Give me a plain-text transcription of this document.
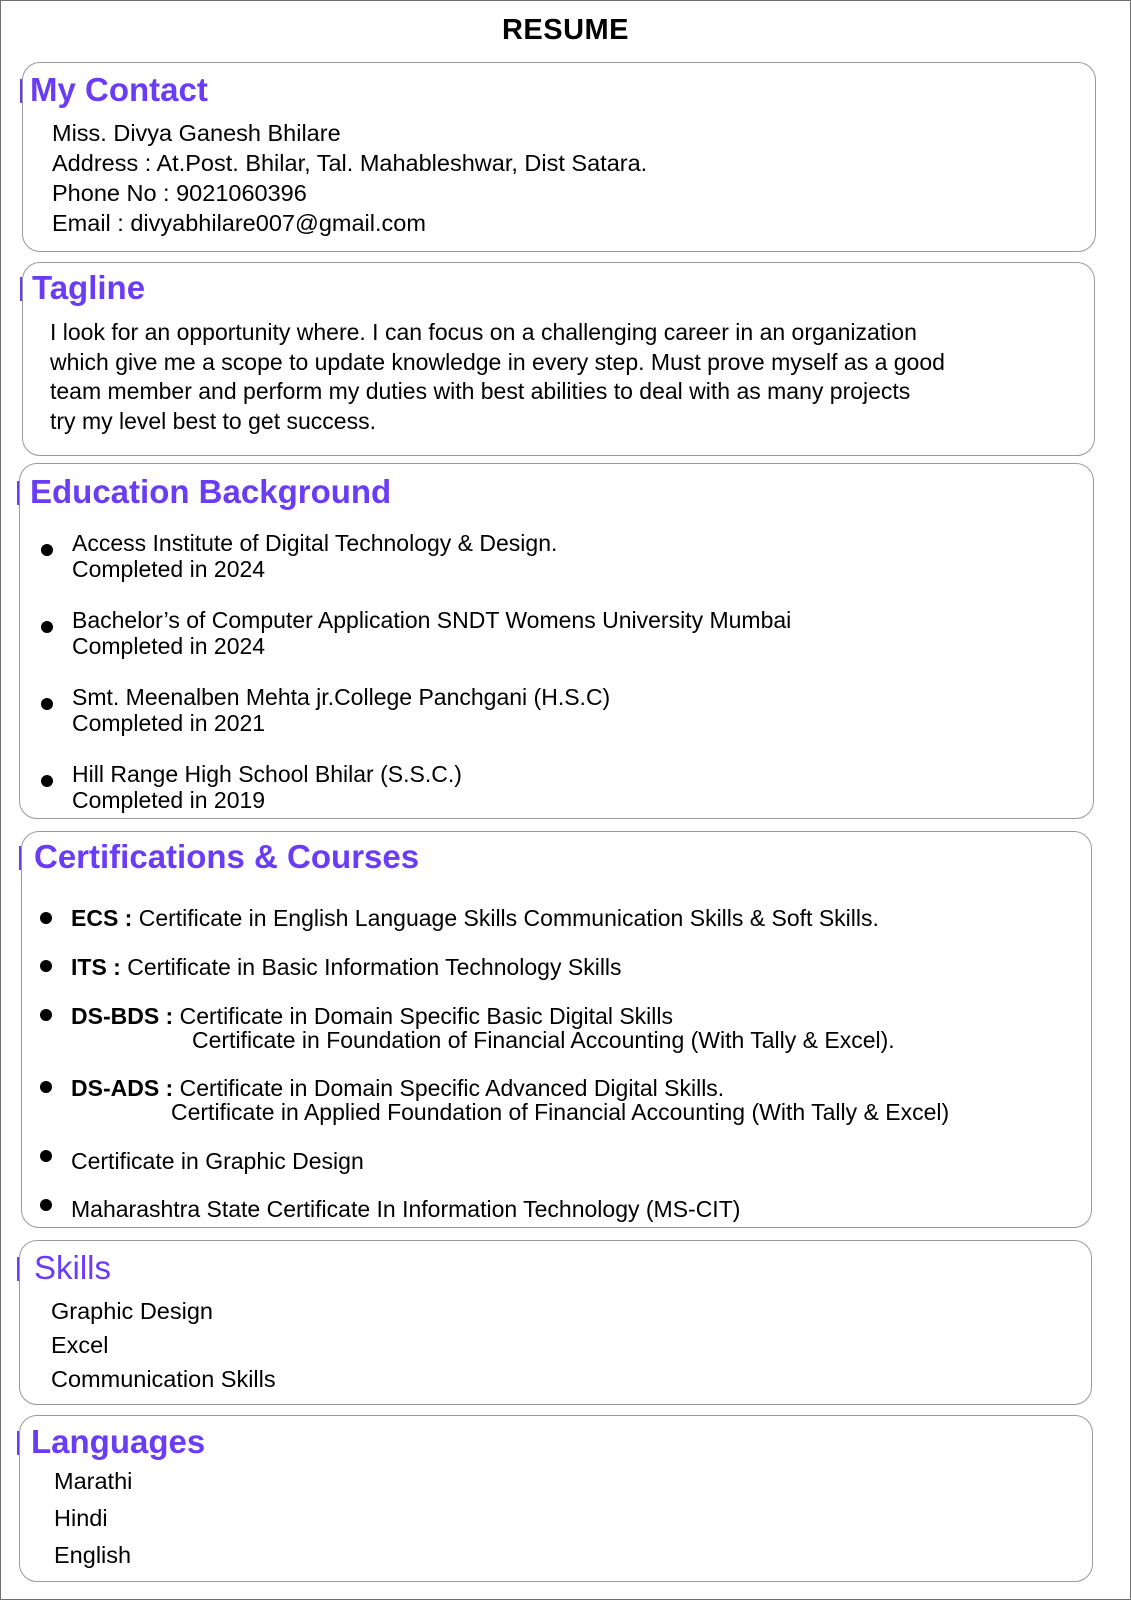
RESUME
My Contact
Miss. Divya Ganesh Bhilare
Address : At.Post. Bhilar, Tal. Mahableshwar, Dist Satara.
Phone No : 9021060396
Email : divyabhilare007@gmail.com
Tagline
I look for an opportunity where. I can focus on a challenging career in an organization
which give me a scope to update knowledge in every step. Must prove myself as a good
team member and perform my duties with best abilities to deal with as many projects
try my level best to get success.
Education Background
Access Institute of Digital Technology & Design.
Completed in 2024
Bachelor’s of Computer Application SNDT Womens University Mumbai
Completed in 2024
Smt. Meenalben Mehta jr.College Panchgani (H.S.C)
Completed in 2021
Hill Range High School Bhilar (S.S.C.)
Completed in 2019
Certifications & Courses
ECS : Certificate in English Language Skills Communication Skills & Soft Skills.
ITS : Certificate in Basic Information Technology Skills
DS-BDS : Certificate in Domain Specific Basic Digital Skills
Certificate in Foundation of Financial Accounting (With Tally & Excel).
DS-ADS : Certificate in Domain Specific Advanced Digital Skills.
Certificate in Applied Foundation of Financial Accounting (With Tally & Excel)
Certificate in Graphic Design
Maharashtra State Certificate In Information Technology (MS-CIT)
Skills
Graphic Design
Excel
Communication Skills
Languages
Marathi
Hindi
English
